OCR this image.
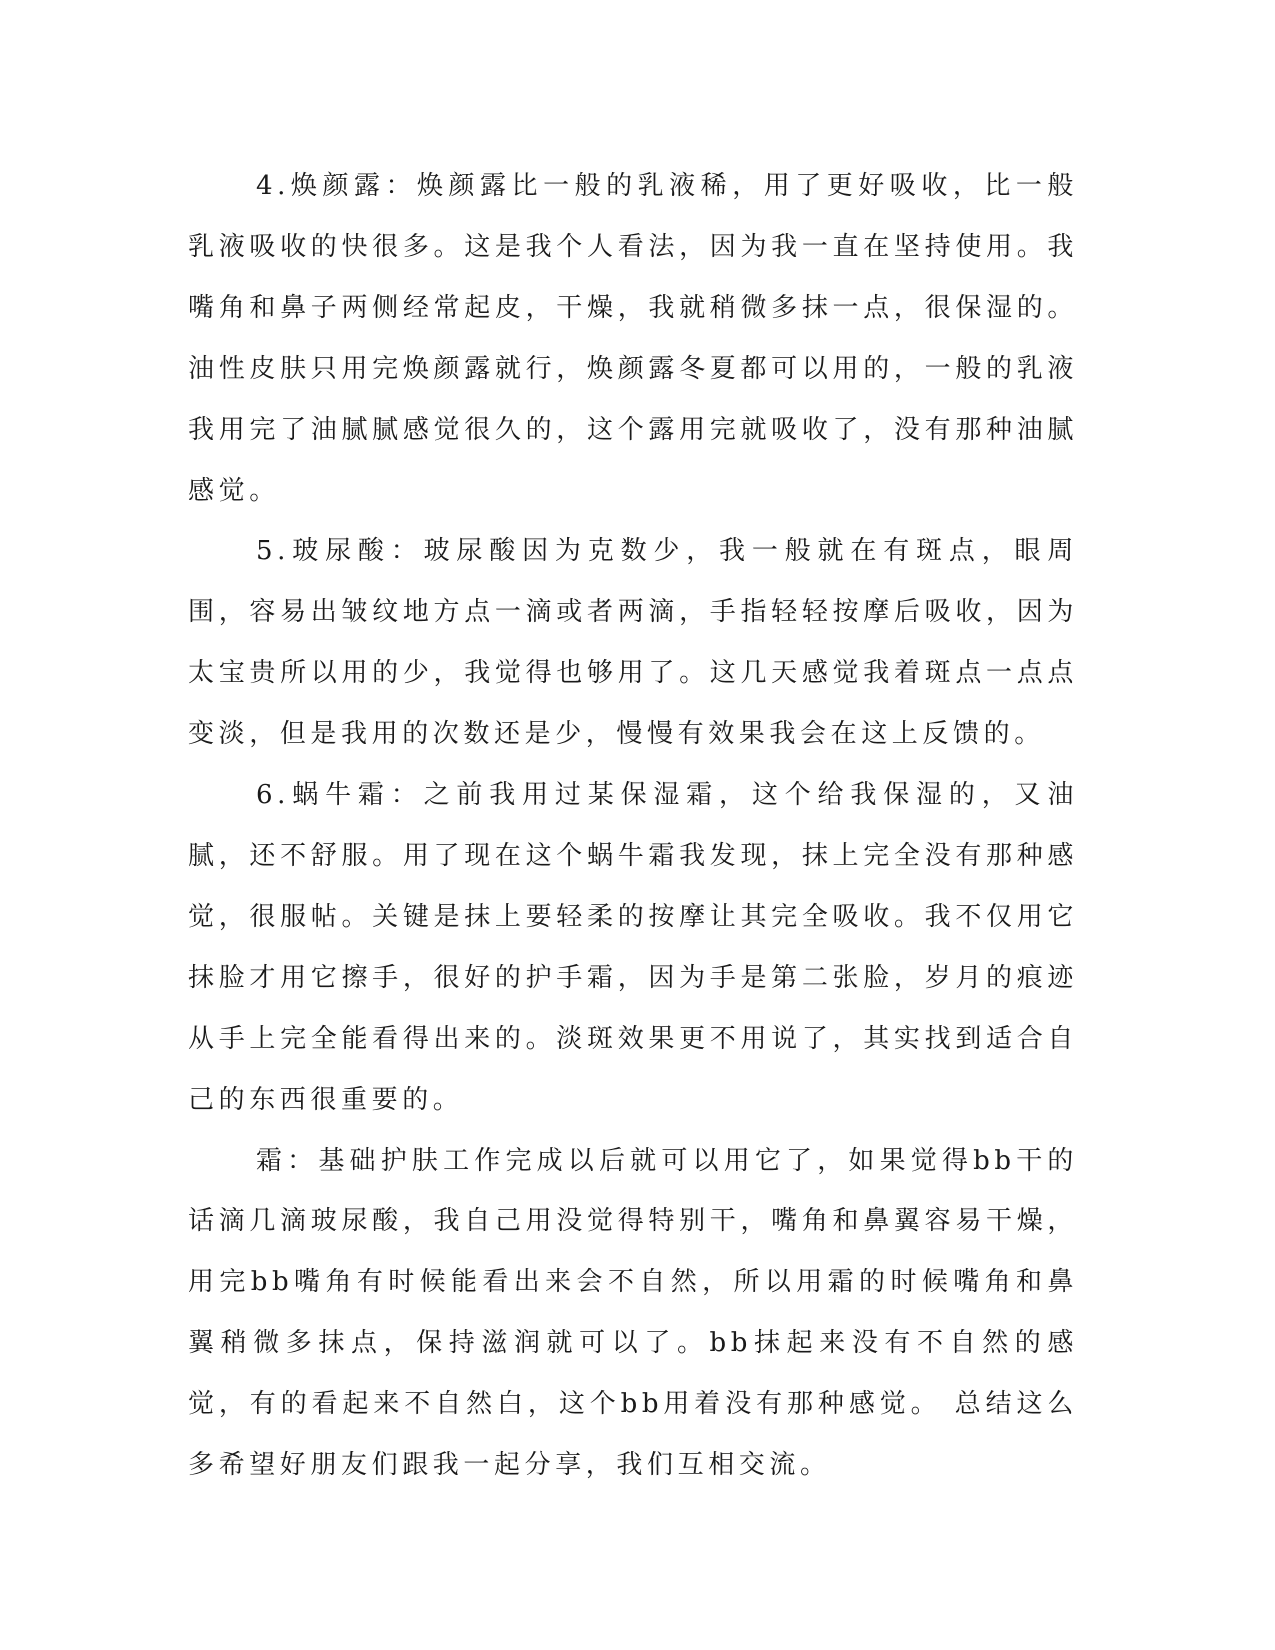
4.焕颜露：焕颜露比一般的乳液稀，用了更好吸收，比一般乳液吸收的快很多。这是我个人看法，因为我一直在坚持使用。我嘴角和鼻子两侧经常起皮，干燥，我就稍微多抹一点，很保湿的。油性皮肤只用完焕颜露就行，焕颜露冬夏都可以用的，一般的乳液我用完了油腻腻感觉很久的，这个露用完就吸收了，没有那种油腻感觉。

5.玻尿酸：玻尿酸因为克数少，我一般就在有斑点，眼周围，容易出皱纹地方点一滴或者两滴，手指轻轻按摩后吸收，因为太宝贵所以用的少，我觉得也够用了。这几天感觉我着斑点一点点变淡，但是我用的次数还是少，慢慢有效果我会在这上反馈的。

6.蜗牛霜：之前我用过某保湿霜，这个给我保湿的，又油腻，还不舒服。用了现在这个蜗牛霜我发现，抹上完全没有那种感觉，很服帖。关键是抹上要轻柔的按摩让其完全吸收。我不仅用它抹脸才用它擦手，很好的护手霜，因为手是第二张脸，岁月的痕迹从手上完全能看得出来的。淡斑效果更不用说了，其实找到适合自己的东西很重要的。

霜：基础护肤工作完成以后就可以用它了，如果觉得bb干的话滴几滴玻尿酸，我自己用没觉得特别干，嘴角和鼻翼容易干燥，用完bb嘴角有时候能看出来会不自然，所以用霜的时候嘴角和鼻翼稍微多抹点，保持滋润就可以了。bb抹起来没有不自然的感觉，有的看起来不自然白，这个bb用着没有那种感觉。 总结这么多希望好朋友们跟我一起分享，我们互相交流。
